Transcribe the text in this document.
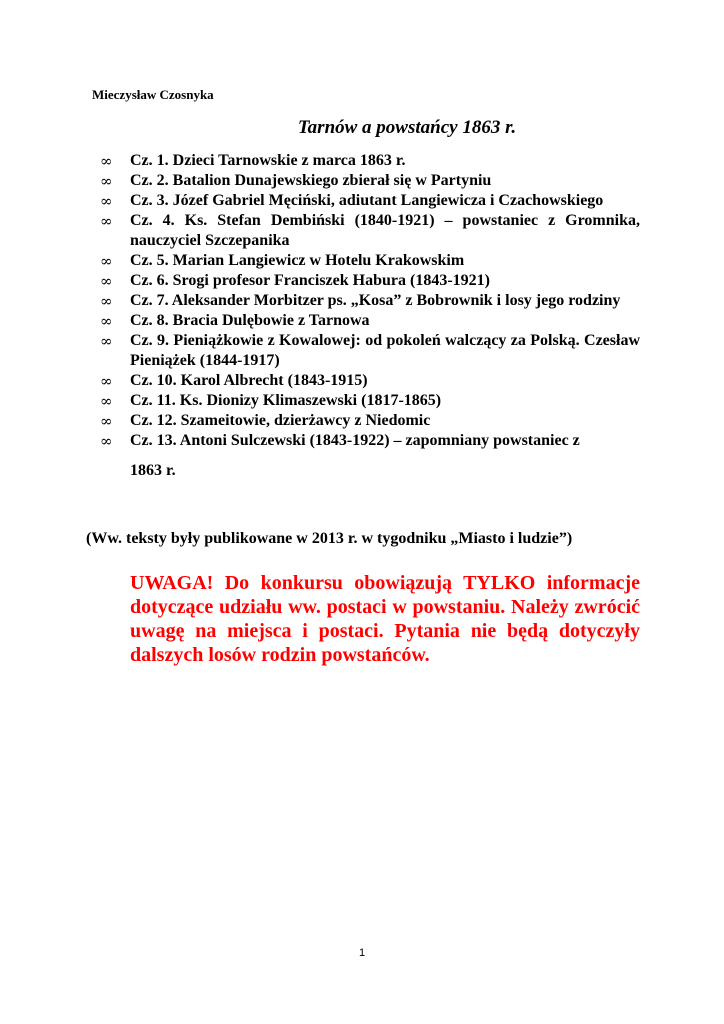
Mieczysław Czosnyka
Tarnów a powstańcy 1863 r.
∞ Cz. 1. Dzieci Tarnowskie z marca 1863 r.
∞ Cz. 2. Batalion Dunajewskiego zbierał się w Partyniu
∞ Cz. 3. Józef Gabriel Męciński, adiutant Langiewicza i Czachowskiego
∞ Cz. 4. Ks. Stefan Dembiński (1840-1921) – powstaniec z Gromnika, nauczyciel Szczepanika
∞ Cz. 5. Marian Langiewicz w Hotelu Krakowskim
∞ Cz. 6. Srogi profesor Franciszek Habura (1843-1921)
∞ Cz. 7. Aleksander Morbitzer ps. „Kosa” z Bobrownik i losy jego rodziny
∞ Cz. 8. Bracia Dulębowie z Tarnowa
∞ Cz. 9. Pieniążkowie z Kowalowej: od pokoleń walczący za Polską. Czesław Pieniążek (1844-1917)
∞ Cz. 10. Karol Albrecht (1843-1915)
∞ Cz. 11. Ks. Dionizy Klimaszewski (1817-1865)
∞ Cz. 12. Szameitowie, dzierżawcy z Niedomic
∞ Cz. 13. Antoni Sulczewski (1843-1922) – zapomniany powstaniec z
1863 r.
(Ww. teksty były publikowane w 2013 r. w tygodniku „Miasto i ludzie”)
UWAGA! Do konkursu obowiązują TYLKO informacje dotyczące udziału ww. postaci w powstaniu. Należy zwrócić uwagę na miejsca i postaci. Pytania nie będą dotyczyły dalszych losów rodzin powstańców.
1
